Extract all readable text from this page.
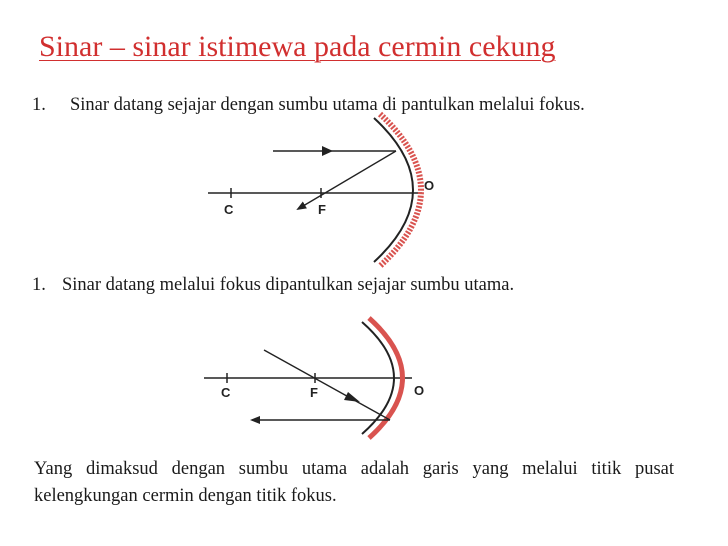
Sinar – sinar istimewa pada cermin cekung
1. Sinar datang sejajar dengan sumbu utama di pantulkan melalui fokus.
C	F
O
1. Sinar datang melalui fokus dipantulkan sejajar sumbu utama.
C	F	O
Yang dimaksud dengan sumbu utama adalah garis yang melalui titik pusat kelengkungan cermin dengan titik fokus.
